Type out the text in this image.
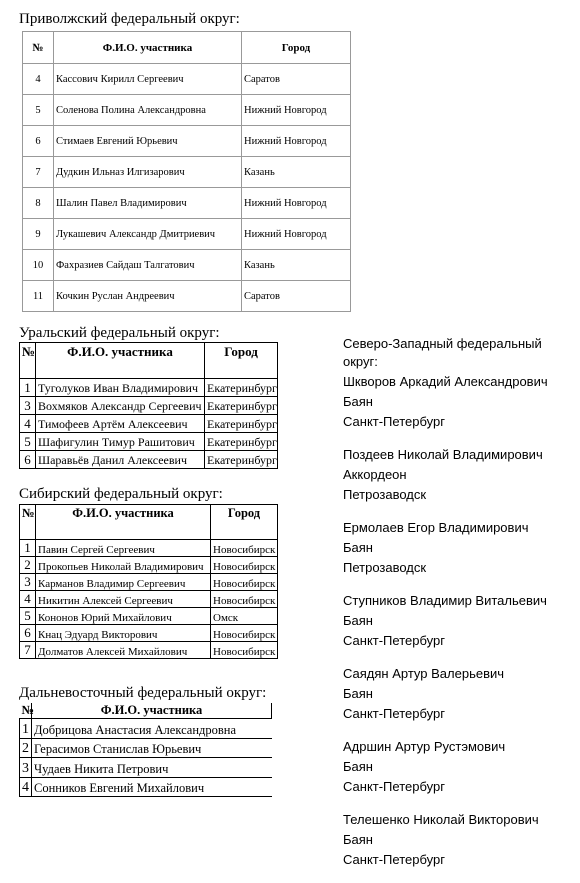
Приволжский федеральный округ:
№	Ф.И.О. участника	Город
4	Кассович Кирилл Сергеевич	Саратов
5	Соленова Полина Александровна	Нижний Новгород
6	Стимаев Евгений Юрьевич	Нижний Новгород
7	Дудкин Ильназ Илгизарович	Казань
8	Шалин Павел Владимирович	Нижний Новгород
9	Лукашевич Александр Дмитриевич	Нижний Новгород
10	Фахразиев Сайдаш Талгатович	Казань
11	Кочкин Руслан Андреевич	Саратов
Уральский федеральный округ:
№	Ф.И.О. участника	Город
1	Туголуков Иван Владимирович	Екатеринбург
3	Вохмяков Александр Сергеевич	Екатеринбург
4	Тимофеев Артём Алексеевич	Екатеринбург
5	Шафигулин Тимур Рашитович	Екатеринбург
6	Шаравьёв Данил Алексеевич	Екатеринбург
Сибирский федеральный округ:
№	Ф.И.О. участника	Город
1	Павин Сергей Сергеевич	Новосибирск
2	Прокопьев Николай Владимирович	Новосибирск
3	Карманов Владимир Сергеевич	Новосибирск
4	Никитин Алексей Сергеевич	Новосибирск
5	Кононов Юрий Михайлович	Омск
6	Кнац Эдуард Викторович	Новосибирск
7	Долматов Алексей Михайлович	Новосибирск
Дальневосточный федеральный округ:
№	Ф.И.О. участника
1	Добрицова Анастасия Александровна
2	Герасимов Станислав Юрьевич
3	Чудаев Никита Петрович
4	Сонников Евгений Михайлович
Северо-Западный федеральный округ:
Шкворов Аркадий Александрович
Баян
Санкт-Петербург
Поздеев Николай Владимирович
Аккордеон
Петрозаводск
Ермолаев Егор Владимирович
Баян
Петрозаводск
Ступников Владимир Витальевич
Баян
Санкт-Петербург
Саядян Артур Валерьевич
Баян
Санкт-Петербург
Адршин Артур Рустэмович
Баян
Санкт-Петербург
Телешенко Николай Викторович
Баян
Санкт-Петербург
